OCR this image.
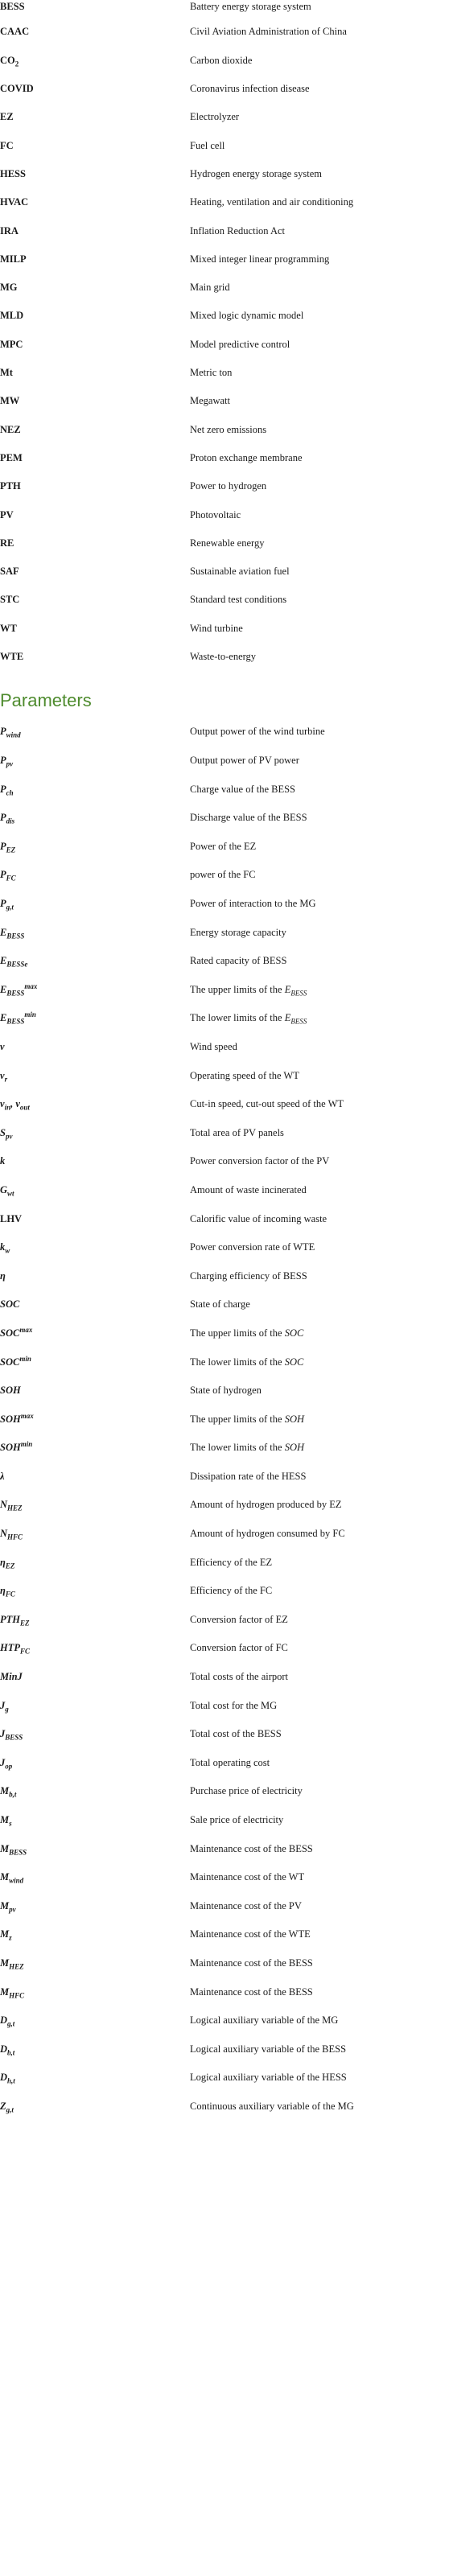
BESS	Battery energy storage system
CAAC	Civil Aviation Administration of China
$CO_2$	Carbon dioxide
COVID	Coronavirus infection disease
EZ	Electrolyzer
FC	Fuel cell
HESS	Hydrogen energy storage system
HVAC	Heating, ventilation and air conditioning
IRA	Inflation Reduction Act
MILP	Mixed integer linear programming
MG	Main grid
MLD	Mixed logic dynamic model
MPC	Model predictive control
Mt	Metric ton
MW	Megawatt
NEZ	Net zero emissions
PEM	Proton exchange membrane
PTH	Power to hydrogen
PV	Photovoltaic
RE	Renewable energy
SAF	Sustainable aviation fuel
STC	Standard test conditions
WT	Wind turbine
WTE	Waste-to-energy
Parameters
$P_{wind}$	Output power of the wind turbine
$P_{pv}$	Output power of PV power
$P_{ch}$	Charge value of the BESS
$P_{dis}$	Discharge value of the BESS
$P_{EZ}$	Power of the EZ
$P_{FC}$	power of the FC
$P_{g,t}$	Power of interaction to the MG
$E_{BESS}$	Energy storage capacity
$E_{BESSe}$	Rated capacity of BESS
$E_{BESS}^{max}$	The upper limits of the $E_{BESS}$
$E_{BESS}^{min}$	The lower limits of the $E_{BESS}$
v	Wind speed
$v_r$	Operating speed of the WT
$v_{in}$, $v_{out}$	Cut-in speed, cut-out speed of the WT
$S_{pv}$	Total area of PV panels
k	Power conversion factor of the PV
$G_{wt}$	Amount of waste incinerated
LHV	Calorific value of incoming waste
$k_w$	Power conversion rate of WTE
η	Charging efficiency of BESS
SOC	State of charge
$SOC^{max}$	The upper limits of the SOC
$SOC^{min}$	The lower limits of the SOC
SOH	State of hydrogen
$SOH^{max}$	The upper limits of the SOH
$SOH^{min}$	The lower limits of the SOH
λ	Dissipation rate of the HESS
$N_{HEZ}$	Amount of hydrogen produced by EZ
$N_{HFC}$	Amount of hydrogen consumed by FC
$\eta_{EZ}$	Efficiency of the EZ
$\eta_{FC}$	Efficiency of the FC
$PTH_{EZ}$	Conversion factor of EZ
$HTP_{FC}$	Conversion factor of FC
MinJ	Total costs of the airport
$J_g$	Total cost for the MG
$J_{BESS}$	Total cost of the BESS
$J_{op}$	Total operating cost
$M_{b,t}$	Purchase price of electricity
$M_s$	Sale price of electricity
$M_{BESS}$	Maintenance cost of the BESS
$M_{wind}$	Maintenance cost of the WT
$M_{pv}$	Maintenance cost of the PV
$M_z$	Maintenance cost of the WTE
$M_{HEZ}$	Maintenance cost of the BESS
$M_{HFC}$	Maintenance cost of the BESS
$D_{g,t}$	Logical auxiliary variable of the MG
$D_{b,t}$	Logical auxiliary variable of the BESS
$D_{h,t}$	Logical auxiliary variable of the HESS
$Z_{g,t}$	Continuous auxiliary variable of the MG
